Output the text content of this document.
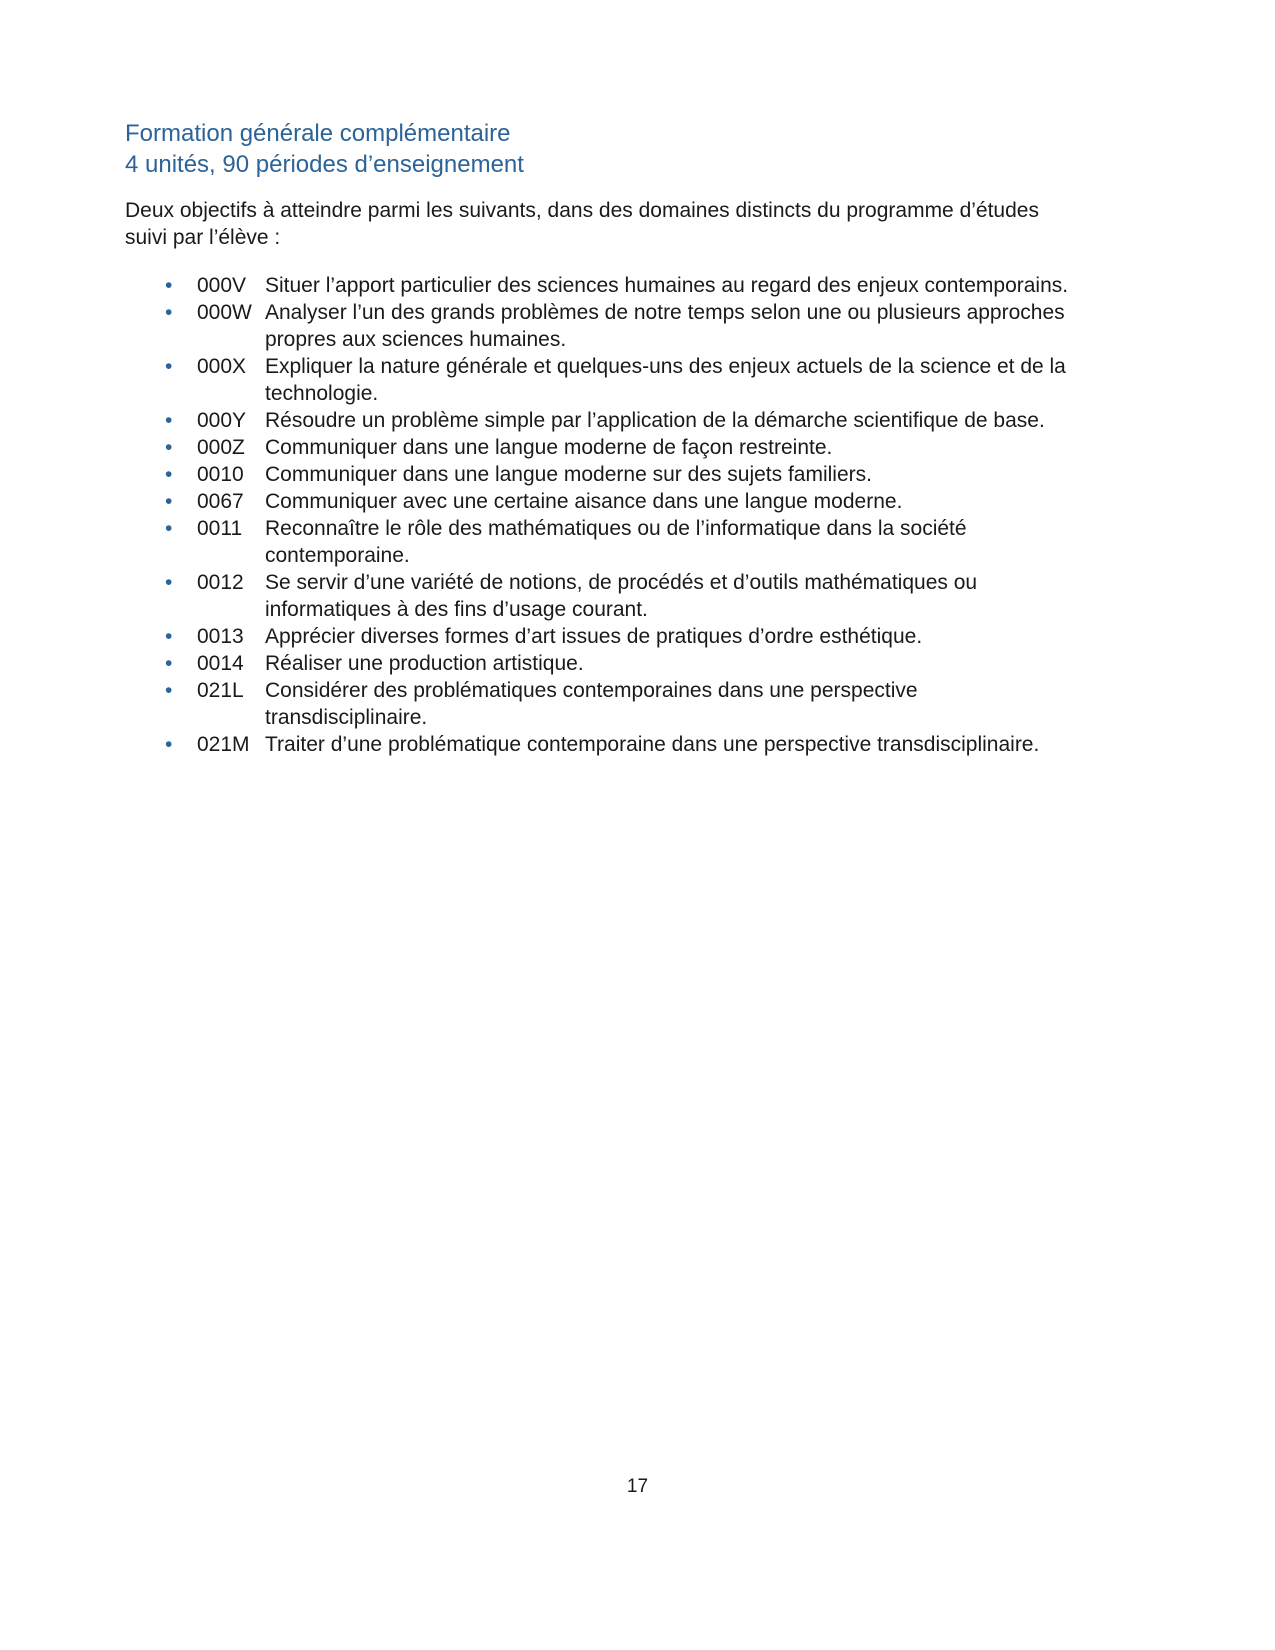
Formation générale complémentaire
4 unités, 90 périodes d’enseignement

Deux objectifs à atteindre parmi les suivants, dans des domaines distincts du programme d’études suivi par l’élève :

•	000V Situer l’apport particulier des sciences humaines au regard des enjeux contemporains.
•	000W Analyser l’un des grands problèmes de notre temps selon une ou plusieurs approches propres aux sciences humaines.
•	000X Expliquer la nature générale et quelques-uns des enjeux actuels de la science et de la technologie.
•	000Y Résoudre un problème simple par l’application de la démarche scientifique de base.
•	000Z Communiquer dans une langue moderne de façon restreinte.
•	0010	Communiquer dans une langue moderne sur des sujets familiers.
•	0067	Communiquer avec une certaine aisance dans une langue moderne.
•	0011	Reconnaître le rôle des mathématiques ou de l’informatique dans la société contemporaine.
•	0012	Se servir d’une variété de notions, de procédés et d’outils mathématiques ou informatiques à des fins d’usage courant.
•	0013	Apprécier diverses formes d’art issues de pratiques d’ordre esthétique.
•	0014	Réaliser une production artistique.
•	021L	Considérer des problématiques contemporaines dans une perspective transdisciplinaire.
•	021M Traiter d’une problématique contemporaine dans une perspective transdisciplinaire.
17
